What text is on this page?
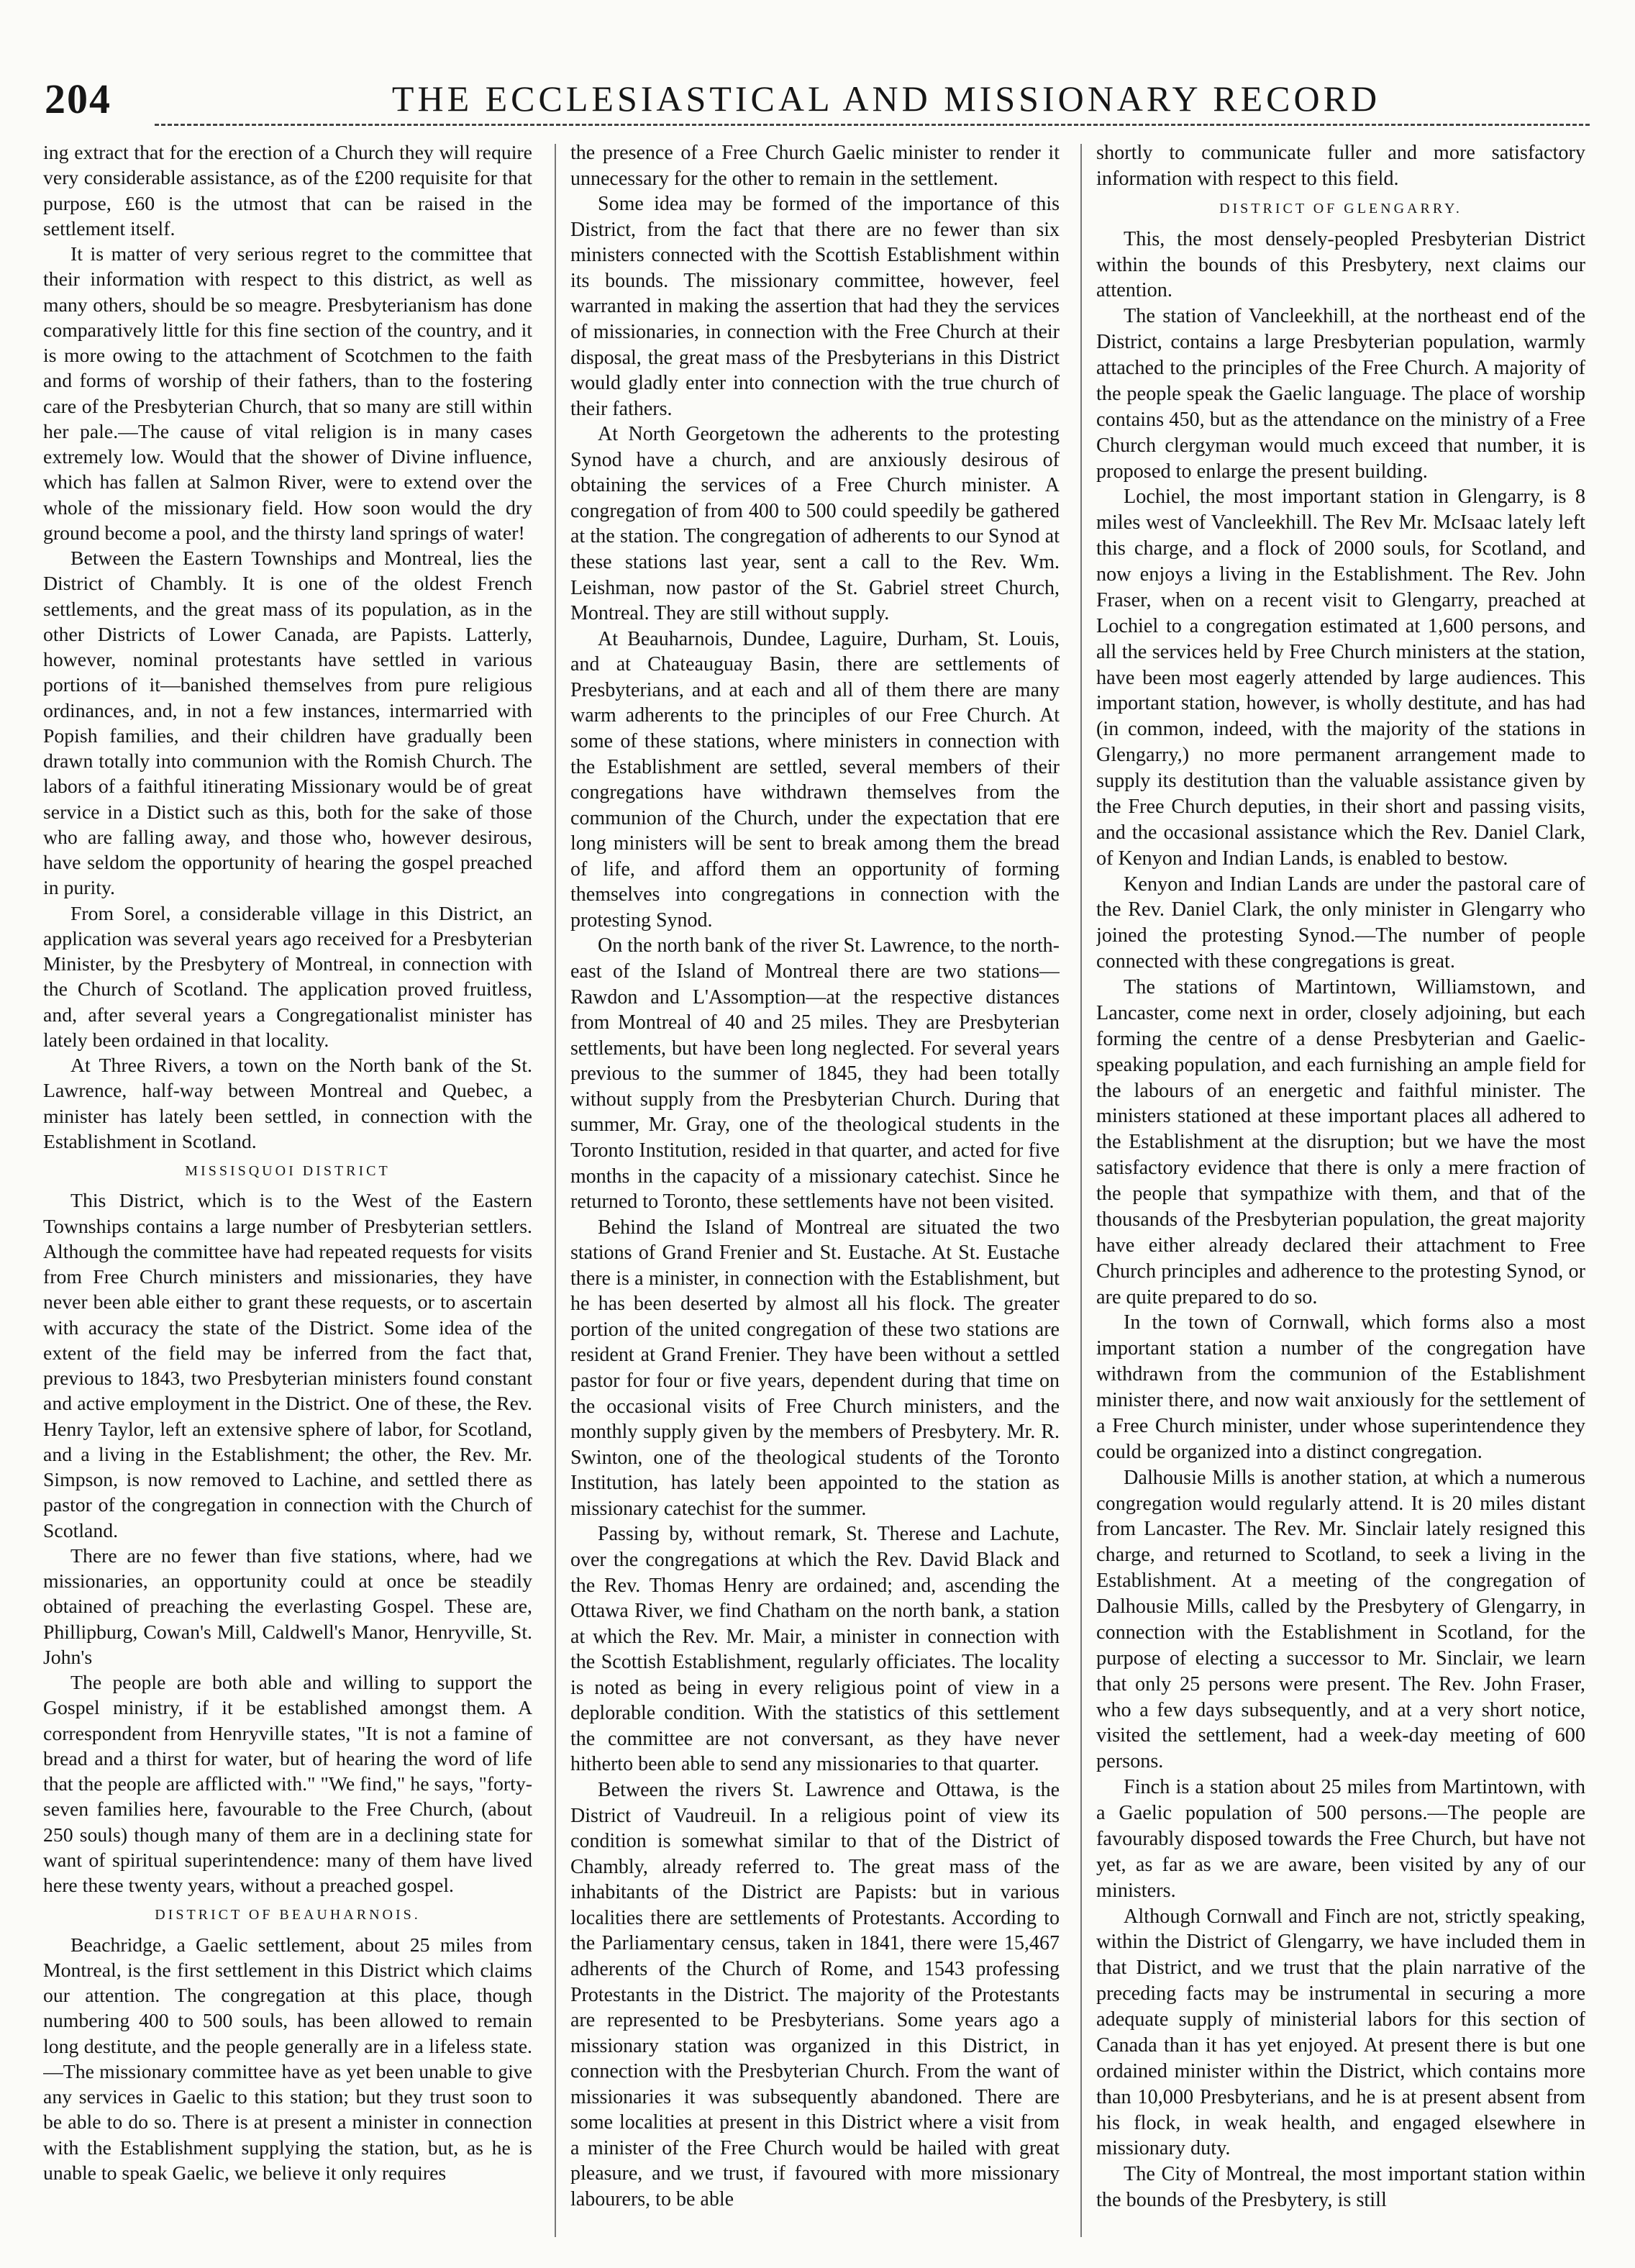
204	THE ECCLESIASTICAL AND MISSIONARY RECORD

ing extract that for the erection of a Church they will require very considerable assistance, as of the £200 requisite for that purpose, £60 is the utmost that can be raised in the settlement itself.

It is matter of very serious regret to the committee that their information with respect to this district, as well as many others, should be so meagre. Presbyterianism has done comparatively little for this fine section of the country, and it is more owing to the attachment of Scotchmen to the faith and forms of worship of their fathers, than to the fostering care of the Presbyterian Church, that so many are still within her pale.—The cause of vital religion is in many cases extremely low. Would that the shower of Divine influence, which has fallen at Salmon River, were to extend over the whole of the missionary field. How soon would the dry ground become a pool, and the thirsty land springs of water!

Between the Eastern Townships and Montreal, lies the District of Chambly. It is one of the oldest French settlements, and the great mass of its population, as in the other Districts of Lower Canada, are Papists. Latterly, however, nominal protestants have settled in various portions of it—banished themselves from pure religious ordinances, and, in not a few instances, intermarried with Popish families, and their children have gradually been drawn totally into communion with the Romish Church. The labors of a faithful itinerating Missionary would be of great service in a Distict such as this, both for the sake of those who are falling away, and those who, however desirous, have seldom the opportunity of hearing the gospel preached in purity.

From Sorel, a considerable village in this District, an application was several years ago received for a Presbyterian Minister, by the Presbytery of Montreal, in connection with the Church of Scotland. The application proved fruitless, and, after several years a Congregationalist minister has lately been ordained in that locality.

At Three Rivers, a town on the North bank of the St. Lawrence, half-way between Montreal and Quebec, a minister has lately been settled, in connection with the Establishment in Scotland.

MISSISQUOI DISTRICT

This District, which is to the West of the Eastern Townships contains a large number of Presbyterian settlers. Although the committee have had repeated requests for visits from Free Church ministers and missionaries, they have never been able either to grant these requests, or to ascertain with accuracy the state of the District. Some idea of the extent of the field may be inferred from the fact that, previous to 1843, two Presbyterian ministers found constant and active employment in the District. One of these, the Rev. Henry Taylor, left an extensive sphere of labor, for Scotland, and a living in the Establishment; the other, the Rev. Mr. Simpson, is now removed to Lachine, and settled there as pastor of the congregation in connection with the Church of Scotland.

There are no fewer than five stations, where, had we missionaries, an opportunity could at once be steadily obtained of preaching the everlasting Gospel. These are, Phillipburg, Cowan's Mill, Caldwell's Manor, Henryville, St. John's

The people are both able and willing to support the Gospel ministry, if it be established amongst them. A correspondent from Henryville states, "It is not a famine of bread and a thirst for water, but of hearing the word of life that the people are afflicted with." "We find," he says, "forty-seven families here, favourable to the Free Church, (about 250 souls) though many of them are in a declining state for want of spiritual superintendence: many of them have lived here these twenty years, without a preached gospel.

DISTRICT OF BEAUHARNOIS.

Beachridge, a Gaelic settlement, about 25 miles from Montreal, is the first settlement in this District which claims our attention. The congregation at this place, though numbering 400 to 500 souls, has been allowed to remain long destitute, and the people generally are in a lifeless state.—The missionary committee have as yet been unable to give any services in Gaelic to this station; but they trust soon to be able to do so. There is at present a minister in connection with the Establishment supplying the station, but, as he is unable to speak Gaelic, we believe it only requires

the presence of a Free Church Gaelic minister to render it unnecessary for the other to remain in the settlement.

Some idea may be formed of the importance of this District, from the fact that there are no fewer than six ministers connected with the Scottish Establishment within its bounds. The missionary committee, however, feel warranted in making the assertion that had they the services of missionaries, in connection with the Free Church at their disposal, the great mass of the Presbyterians in this District would gladly enter into connection with the true church of their fathers.

At North Georgetown the adherents to the protesting Synod have a church, and are anxiously desirous of obtaining the services of a Free Church minister. A congregation of from 400 to 500 could speedily be gathered at the station. The congregation of adherents to our Synod at these stations last year, sent a call to the Rev. Wm. Leishman, now pastor of the St. Gabriel street Church, Montreal. They are still without supply.

At Beauharnois, Dundee, Laguire, Durham, St. Louis, and at Chateauguay Basin, there are settlements of Presbyterians, and at each and all of them there are many warm adherents to the principles of our Free Church. At some of these stations, where ministers in connection with the Establishment are settled, several members of their congregations have withdrawn themselves from the communion of the Church, under the expectation that ere long ministers will be sent to break among them the bread of life, and afford them an opportunity of forming themselves into congregations in connection with the protesting Synod.

On the north bank of the river St. Lawrence, to the north-east of the Island of Montreal there are two stations—Rawdon and L'Assomption—at the respective distances from Montreal of 40 and 25 miles. They are Presbyterian settlements, but have been long neglected. For several years previous to the summer of 1845, they had been totally without supply from the Presbyterian Church. During that summer, Mr. Gray, one of the theological students in the Toronto Institution, resided in that quarter, and acted for five months in the capacity of a missionary catechist. Since he returned to Toronto, these settlements have not been visited.

Behind the Island of Montreal are situated the two stations of Grand Frenier and St. Eustache. At St. Eustache there is a minister, in connection with the Establishment, but he has been deserted by almost all his flock. The greater portion of the united congregation of these two stations are resident at Grand Frenier. They have been without a settled pastor for four or five years, dependent during that time on the occasional visits of Free Church ministers, and the monthly supply given by the members of Presbytery. Mr. R. Swinton, one of the theological students of the Toronto Institution, has lately been appointed to the station as missionary catechist for the summer.

Passing by, without remark, St. Therese and Lachute, over the congregations at which the Rev. David Black and the Rev. Thomas Henry are ordained; and, ascending the Ottawa River, we find Chatham on the north bank, a station at which the Rev. Mr. Mair, a minister in connection with the Scottish Establishment, regularly officiates. The locality is noted as being in every religious point of view in a deplorable condition. With the statistics of this settlement the committee are not conversant, as they have never hitherto been able to send any missionaries to that quarter.

Between the rivers St. Lawrence and Ottawa, is the District of Vaudreuil. In a religious point of view its condition is somewhat similar to that of the District of Chambly, already referred to. The great mass of the inhabitants of the District are Papists: but in various localities there are settlements of Protestants. According to the Parliamentary census, taken in 1841, there were 15,467 adherents of the Church of Rome, and 1543 professing Protestants in the District. The majority of the Protestants are represented to be Presbyterians. Some years ago a missionary station was organized in this District, in connection with the Presbyterian Church. From the want of missionaries it was subsequently abandoned. There are some localities at present in this District where a visit from a minister of the Free Church would be hailed with great pleasure, and we trust, if favoured with more missionary labourers, to be able

shortly to communicate fuller and more satisfactory information with respect to this field.

DISTRICT OF GLENGARRY.

This, the most densely-peopled Presbyterian District within the bounds of this Presbytery, next claims our attention.

The station of Vancleekhill, at the northeast end of the District, contains a large Presbyterian population, warmly attached to the principles of the Free Church. A majority of the people speak the Gaelic language. The place of worship contains 450, but as the attendance on the ministry of a Free Church clergyman would much exceed that number, it is proposed to enlarge the present building.

Lochiel, the most important station in Glengarry, is 8 miles west of Vancleekhill. The Rev Mr. McIsaac lately left this charge, and a flock of 2000 souls, for Scotland, and now enjoys a living in the Establishment. The Rev. John Fraser, when on a recent visit to Glengarry, preached at Lochiel to a congregation estimated at 1,600 persons, and all the services held by Free Church ministers at the station, have been most eagerly attended by large audiences. This important station, however, is wholly destitute, and has had (in common, indeed, with the majority of the stations in Glengarry,) no more permanent arrangement made to supply its destitution than the valuable assistance given by the Free Church deputies, in their short and passing visits, and the occasional assistance which the Rev. Daniel Clark, of Kenyon and Indian Lands, is enabled to bestow.

Kenyon and Indian Lands are under the pastoral care of the Rev. Daniel Clark, the only minister in Glengarry who joined the protesting Synod.—The number of people connected with these congregations is great.

The stations of Martintown, Williamstown, and Lancaster, come next in order, closely adjoining, but each forming the centre of a dense Presbyterian and Gaelic-speaking population, and each furnishing an ample field for the labours of an energetic and faithful minister. The ministers stationed at these important places all adhered to the Establishment at the disruption; but we have the most satisfactory evidence that there is only a mere fraction of the people that sympathize with them, and that of the thousands of the Presbyterian population, the great majority have either already declared their attachment to Free Church principles and adherence to the protesting Synod, or are quite prepared to do so.

In the town of Cornwall, which forms also a most important station a number of the congregation have withdrawn from the communion of the Establishment minister there, and now wait anxiously for the settlement of a Free Church minister, under whose superintendence they could be organized into a distinct congregation.

Dalhousie Mills is another station, at which a numerous congregation would regularly attend. It is 20 miles distant from Lancaster. The Rev. Mr. Sinclair lately resigned this charge, and returned to Scotland, to seek a living in the Establishment. At a meeting of the congregation of Dalhousie Mills, called by the Presbytery of Glengarry, in connection with the Establishment in Scotland, for the purpose of electing a successor to Mr. Sinclair, we learn that only 25 persons were present. The Rev. John Fraser, who a few days subsequently, and at a very short notice, visited the settlement, had a week-day meeting of 600 persons.

Finch is a station about 25 miles from Martintown, with a Gaelic population of 500 persons.—The people are favourably disposed towards the Free Church, but have not yet, as far as we are aware, been visited by any of our ministers.

Although Cornwall and Finch are not, strictly speaking, within the District of Glengarry, we have included them in that District, and we trust that the plain narrative of the preceding facts may be instrumental in securing a more adequate supply of ministerial labors for this section of Canada than it has yet enjoyed. At present there is but one ordained minister within the District, which contains more than 10,000 Presbyterians, and he is at present absent from his flock, in weak health, and engaged elsewhere in missionary duty.

The City of Montreal, the most important station within the bounds of the Presbytery, is still
